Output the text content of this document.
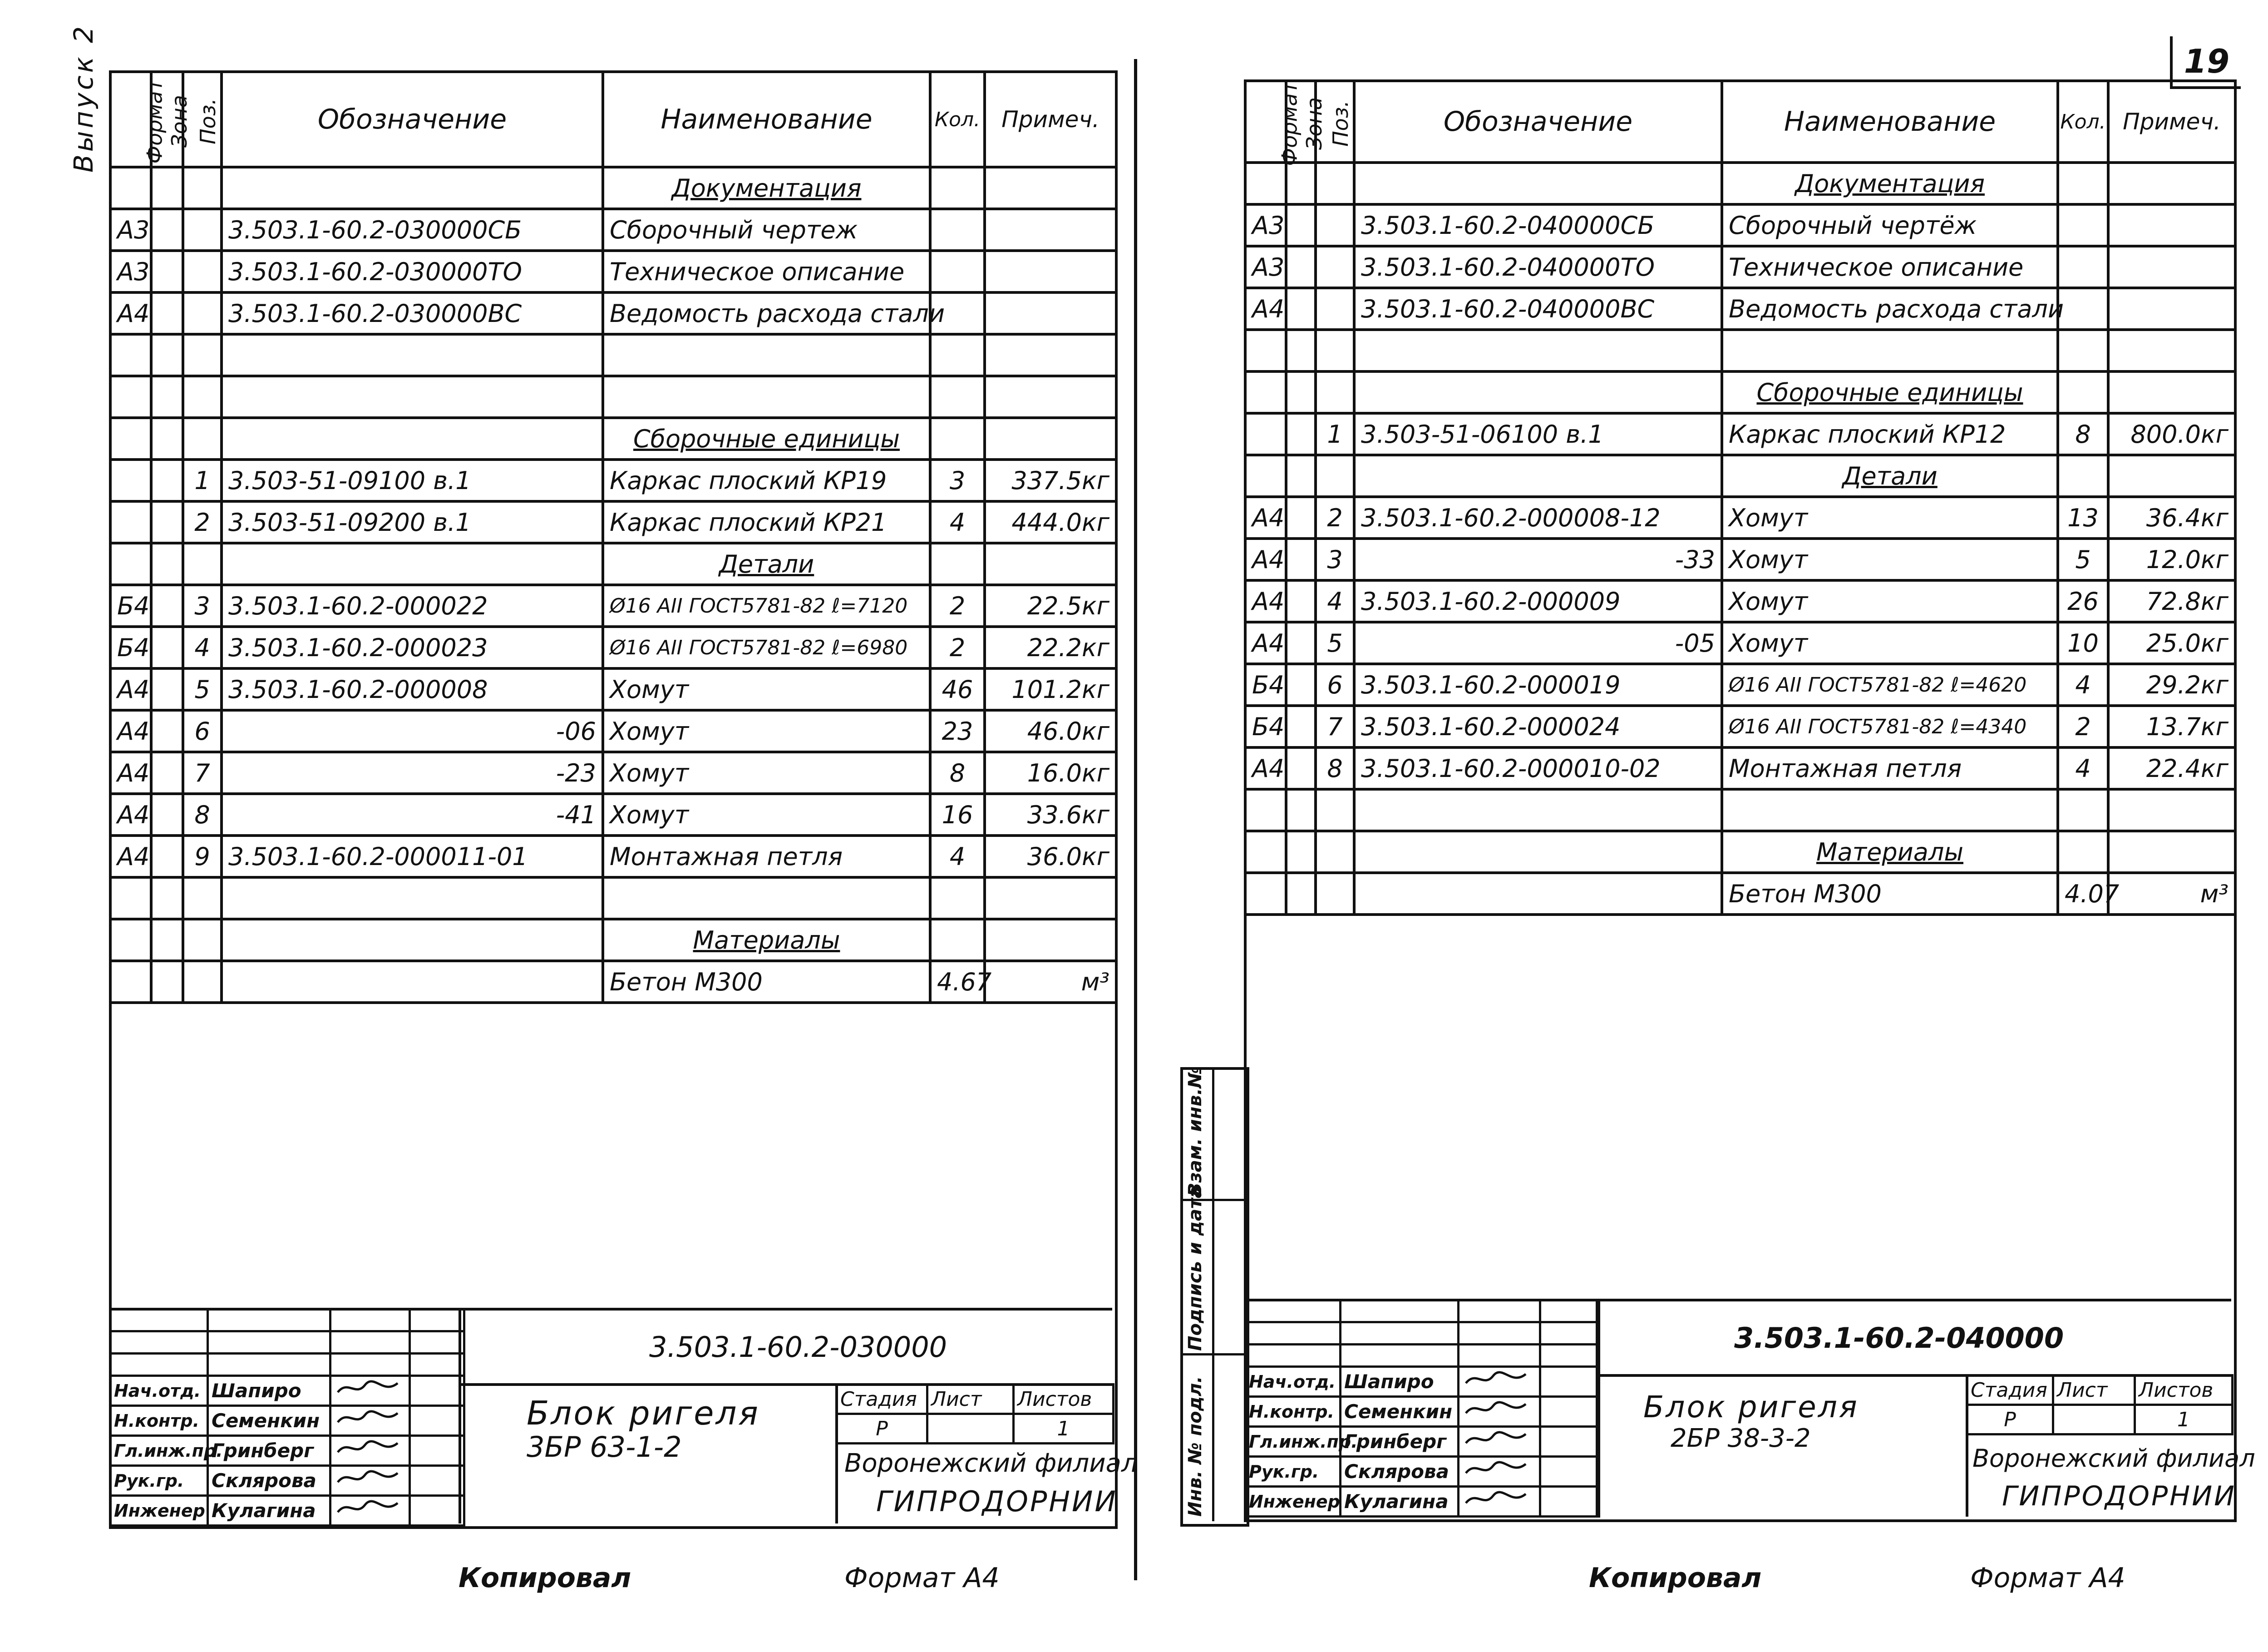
19
Выпуск 2 Формат	Зона	Поз.	Обозначение	Наименование	Кол.	Примеч.
				Документация		
А3			3.503.1-60.2-030000СБ	Сборочный чертеж		
А3			3.503.1-60.2-030000ТО	Техническое описание		
А4			3.503.1-60.2-030000ВС	Ведомость расхода стали		

				Сборочные единицы		
		1	3.503-51-09100 в.1	Каркас плоский КР19	3	337.5кг
		2	3.503-51-09200 в.1	Каркас плоский КР21	4	444.0кг
				Детали		
Б4		3	3.503.1-60.2-000022	Ø16 АII ГОСТ5781-82 ℓ=7120	2	22.5кг
Б4		4	3.503.1-60.2-000023	Ø16 АII ГОСТ5781-82 ℓ=6980	2	22.2кг
А4		5	3.503.1-60.2-000008	Хомут	46	101.2кг
А4		6	-06	Хомут	23	46.0кг
А4		7	-23	Хомут	8	16.0кг
А4		8	-41	Хомут	16	33.6кг
А4		9	3.503.1-60.2-000011-01	Монтажная петля	4	36.0кг

				Материалы		
				Бетон М300	4.67	м³

Нач.отд.	Шапиро		
Н.контр.	Семенкин		
Гл.инж.пр.	Гринберг		
Рук.гр.	Склярова		
Инженер	Кулагина		
3.503.1-60.2-030000
Блок ригеля
3БР 63-1-2
Стадия	Лист	Листов
Р		1
Воронежский филиал
ГИПРОДОРНИИ
Копировал	Формат А4
Инв. № подл.
Подпись и дата
Взам. инв.№
Формат	Зона	Поз.	Обозначение	Наименование	Кол.	Примеч.
				Документация		
А3			3.503.1-60.2-040000СБ	Сборочный чертёж		
А3			3.503.1-60.2-040000ТО	Техническое описание		
А4			3.503.1-60.2-040000ВС	Ведомость расхода стали		

				Сборочные единицы		
		1	3.503-51-06100 в.1	Каркас плоский КР12	8	800.0кг
				Детали		
А4		2	3.503.1-60.2-000008-12	Хомут	13	36.4кг
А4		3	-33	Хомут	5	12.0кг
А4		4	3.503.1-60.2-000009	Хомут	26	72.8кг
А4		5	-05	Хомут	10	25.0кг
Б4		6	3.503.1-60.2-000019	Ø16 АII ГОСТ5781-82 ℓ=4620	4	29.2кг
Б4		7	3.503.1-60.2-000024	Ø16 АII ГОСТ5781-82 ℓ=4340	2	13.7кг
А4		8	3.503.1-60.2-000010-02	Монтажная петля	4	22.4кг

				Материалы		
				Бетон М300	4.07	м³

Нач.отд.	Шапиро		
Н.контр.	Семенкин		
Гл.инж.пр.	Гринберг		
Рук.гр.	Склярова		
Инженер	Кулагина		
3.503.1-60.2-040000
Блок ригеля
2БР 38-3-2
Стадия	Лист	Листов
Р		1
Воронежский филиал
ГИПРОДОРНИИ
Копировал	Формат А4
